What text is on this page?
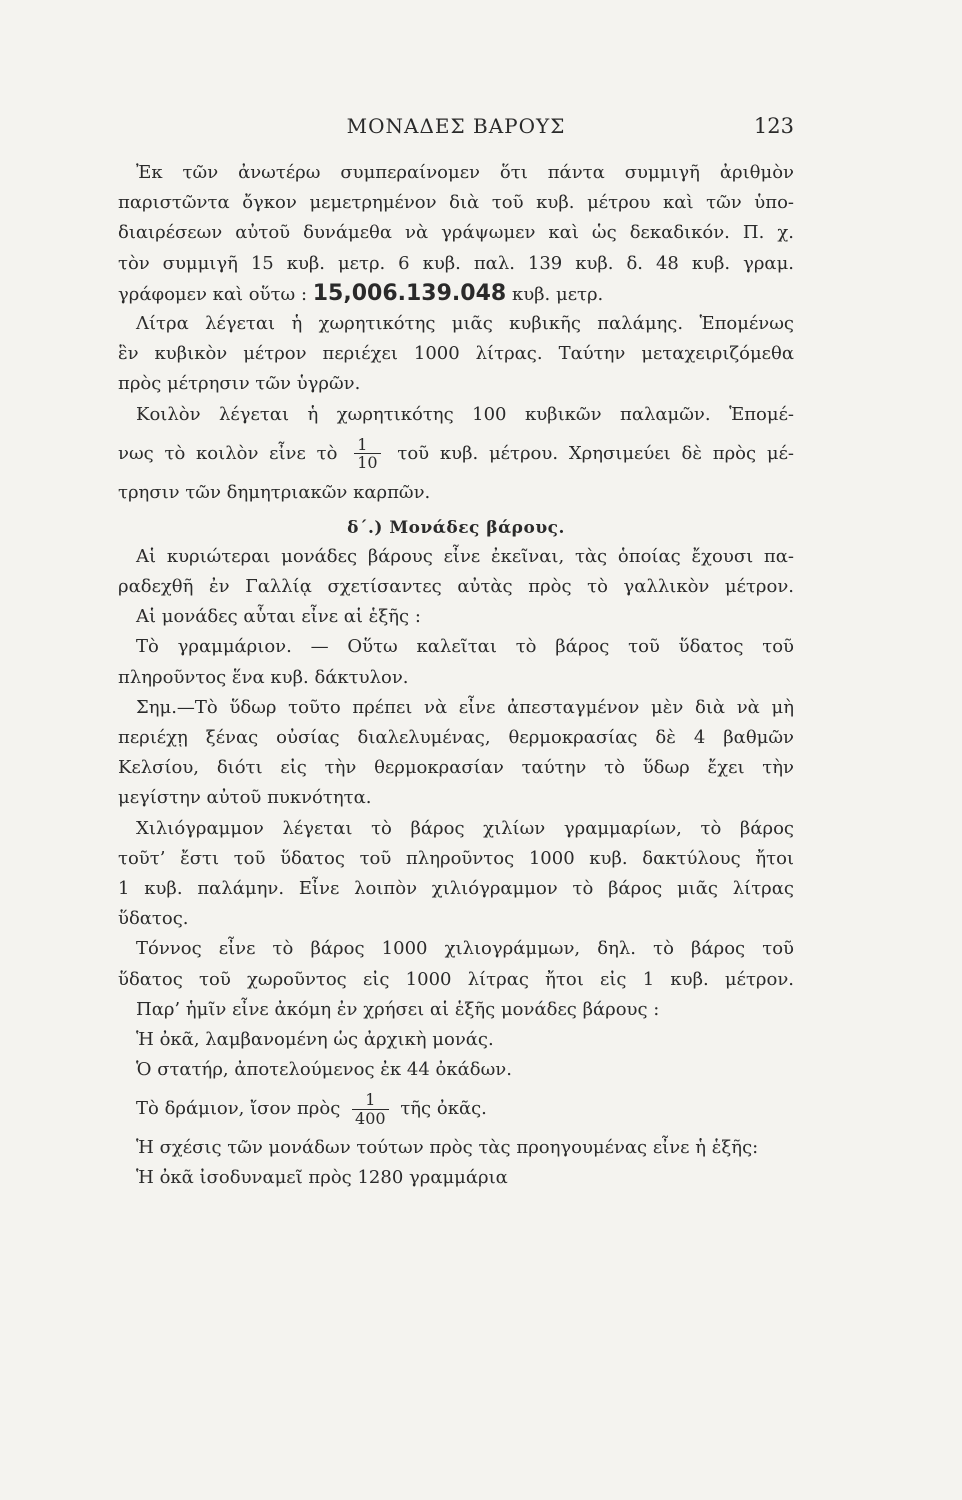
ΜΟΝΑΔΕΣ ΒΑΡΟΥΣ	123
Ἐκ τῶν ἀνωτέρω συμπεραίνομεν ὅτι πάντα συμμιγῆ ἀριθμὸν
παριστῶντα ὄγκον μεμετρημένον διὰ τοῦ κυβ. μέτρου καὶ τῶν ὑπο-
διαιρέσεων αὐτοῦ δυνάμεθα νὰ γράψωμεν καὶ ὡς δεκαδικόν. Π. χ.
τὸν συμμιγῆ 15 κυβ. μετρ. 6 κυβ. παλ. 139 κυβ. δ. 48 κυβ. γραμ.
γράφομεν καὶ οὕτω : 15,006.139.048 κυβ. μετρ.
Λίτρα λέγεται ἡ χωρητικότης μιᾶς κυβικῆς παλάμης. Ἑπομένως
ἓν κυβικὸν μέτρον περιέχει 1000 λίτρας. Ταύτην μεταχειριζόμεθα
πρὸς μέτρησιν τῶν ὑγρῶν.
Κοιλὸν λέγεται ἡ χωρητικότης 100 κυβικῶν παλαμῶν. Ἑπομέ-
νως τὸ κοιλὸν εἶνε τὸ $\frac{1}{10}$ τοῦ κυβ. μέτρου. Χρησιμεύει δὲ πρὸς μέ-
τρησιν τῶν δημητριακῶν καρπῶν.
δ΄.) Μονάδες βάρους.
Αἱ κυριώτεραι μονάδες βάρους εἶνε ἐκεῖναι, τὰς ὁποίας ἔχουσι πα-
ραδεχθῆ ἐν Γαλλίᾳ σχετίσαντες αὐτὰς πρὸς τὸ γαλλικὸν μέτρον.
Αἱ μονάδες αὗται εἶνε αἱ ἑξῆς :
Τὸ γραμμάριον. — Οὕτω καλεῖται τὸ βάρος τοῦ ὕδατος τοῦ
πληροῦντος ἕνα κυβ. δάκτυλον.
Σημ.—Τὸ ὕδωρ τοῦτο πρέπει νὰ εἶνε ἀπεσταγμένον μὲν διὰ νὰ μὴ
περιέχῃ ξένας οὐσίας διαλελυμένας, θερμοκρασίας δὲ 4 βαθμῶν
Κελσίου, διότι εἰς τὴν θερμοκρασίαν ταύτην τὸ ὕδωρ ἔχει τὴν
μεγίστην αὐτοῦ πυκνότητα.
Χιλιόγραμμον λέγεται τὸ βάρος χιλίων γραμμαρίων, τὸ βάρος
τοῦτ’ ἔστι τοῦ ὕδατος τοῦ πληροῦντος 1000 κυβ. δακτύλους ἤτοι
1 κυβ. παλάμην. Εἶνε λοιπὸν χιλιόγραμμον τὸ βάρος μιᾶς λίτρας
ὕδατος.
Τόννος εἶνε τὸ βάρος 1000 χιλιογράμμων, δηλ. τὸ βάρος τοῦ
ὕδατος τοῦ χωροῦντος εἰς 1000 λίτρας ἤτοι εἰς 1 κυβ. μέτρον.
Παρ’ ἡμῖν εἶνε ἀκόμη ἐν χρήσει αἱ ἑξῆς μονάδες βάρους :
Ἡ ὀκᾶ, λαμβανομένη ὡς ἀρχικὴ μονάς.
Ὁ στατήρ, ἀποτελούμενος ἐκ 44 ὀκάδων.
Τὸ δράμιον, ἴσον πρὸς $\frac{1}{400}$ τῆς ὀκᾶς.
Ἡ σχέσις τῶν μονάδων τούτων πρὸς τὰς προηγουμένας εἶνε ἡ ἑξῆς:
Ἡ ὀκᾶ ἰσοδυναμεῖ πρὸς 1280 γραμμάρια
